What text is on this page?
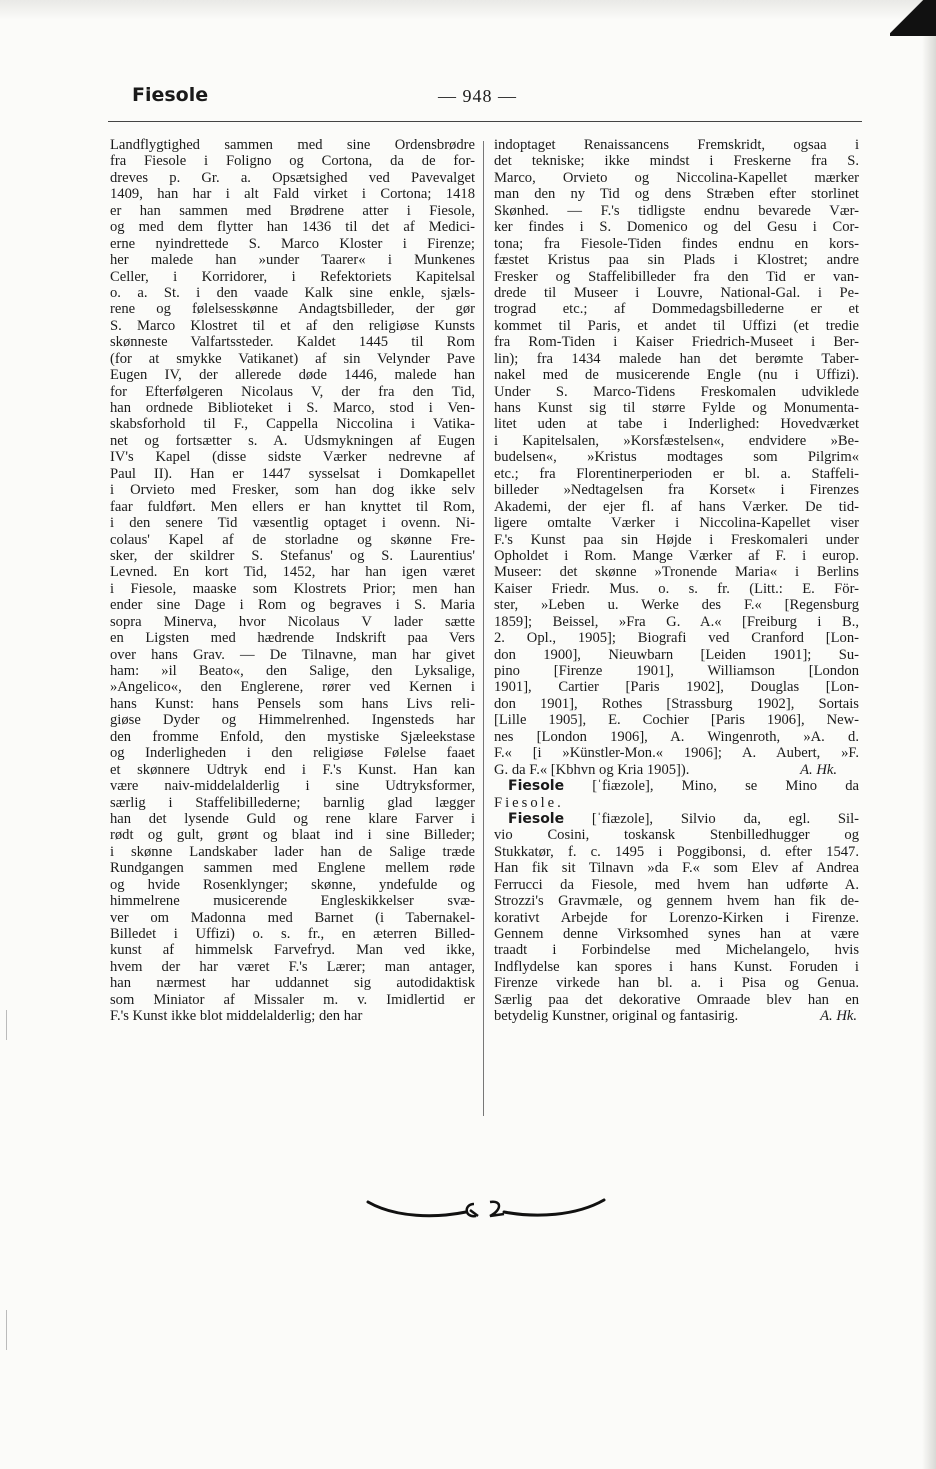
Fiesole	— 948 —
Landflygtighed sammen med sine Ordensbrødre
fra Fiesole i Foligno og Cortona, da de for-
dreves p. Gr. a. Opsætsighed ved Pavevalget
1409, han har i alt Fald virket i Cortona; 1418
er han sammen med Brødrene atter i Fiesole,
og med dem flytter han 1436 til det af Medici-
erne nyindrettede S. Marco Kloster i Firenze;
her malede han »under Taarer« i Munkenes
Celler, i Korridorer, i Refektoriets Kapitelsal
o. a. St. i den vaade Kalk sine enkle, sjæls-
rene og følelsesskønne Andagtsbilleder, der gør
S. Marco Klostret til et af den religiøse Kunsts
skønneste Valfartssteder. Kaldet 1445 til Rom
(for at smykke Vatikanet) af sin Velynder Pave
Eugen IV, der allerede døde 1446, malede han
for Efterfølgeren Nicolaus V, der fra den Tid,
han ordnede Biblioteket i S. Marco, stod i Ven-
skabsforhold til F., Cappella Niccolina i Vatika-
net og fortsætter s. A. Udsmykningen af Eugen
IV's Kapel (disse sidste Værker nedrevne af
Paul II). Han er 1447 sysselsat i Domkapellet
i Orvieto med Fresker, som han dog ikke selv
faar fuldført. Men ellers er han knyttet til Rom,
i den senere Tid væsentlig optaget i ovenn. Ni-
colaus' Kapel af de storladne og skønne Fre-
sker, der skildrer S. Stefanus' og S. Laurentius'
Levned. En kort Tid, 1452, har han igen været
i Fiesole, maaske som Klostrets Prior; men han
ender sine Dage i Rom og begraves i S. Maria
sopra Minerva, hvor Nicolaus V lader sætte
en Ligsten med hædrende Indskrift paa Vers
over hans Grav. — De Tilnavne, man har givet
ham: »il Beato«, den Salige, den Lyksalige,
»Angelico«, den Englerene, rører ved Kernen i
hans Kunst: hans Pensels som hans Livs reli-
giøse Dyder og Himmelrenhed. Ingensteds har
den fromme Enfold, den mystiske Sjæleekstase
og Inderligheden i den religiøse Følelse faaet
et skønnere Udtryk end i F.'s Kunst. Han kan
være naiv-middelalderlig i sine Udtryksformer,
særlig i Staffelibillederne; barnlig glad lægger
han det lysende Guld og rene klare Farver i
rødt og gult, grønt og blaat ind i sine Billeder;
i skønne Landskaber lader han de Salige træde
Rundgangen sammen med Englene mellem røde
og hvide Rosenklynger; skønne, yndefulde og
himmelrene musicerende Engleskikkelser svæ-
ver om Madonna med Barnet (i Tabernakel-
Billedet i Uffizi) o. s. fr., en æterren Billed-
kunst af himmelsk Farvefryd. Man ved ikke,
hvem der har været F.'s Lærer; man antager,
han nærmest har uddannet sig autodidaktisk
som Miniator af Missaler m. v. Imidlertid er
F.'s Kunst ikke blot middelalderlig; den har
indoptaget Renaissancens Fremskridt, ogsaa i
det tekniske; ikke mindst i Freskerne fra S.
Marco, Orvieto og Niccolina-Kapellet mærker
man den ny Tid og dens Stræben efter storlinet
Skønhed. — F.'s tidligste endnu bevarede Vær-
ker findes i S. Domenico og del Gesu i Cor-
tona; fra Fiesole-Tiden findes endnu en kors-
fæstet Kristus paa sin Plads i Klostret; andre
Fresker og Staffelibilleder fra den Tid er van-
drede til Museer i Louvre, National-Gal. i Pe-
trograd etc.; af Dommedagsbillederne er et
kommet til Paris, et andet til Uffizi (et tredie
fra Rom-Tiden i Kaiser Friedrich-Museet i Ber-
lin); fra 1434 malede han det berømte Taber-
nakel med de musicerende Engle (nu i Uffizi).
Under S. Marco-Tidens Freskomalen udviklede
hans Kunst sig til større Fylde og Monumenta-
litet uden at tabe i Inderlighed: Hovedværket
i Kapitelsalen, »Korsfæstelsen«, endvidere »Be-
budelsen«, »Kristus modtages som Pilgrim«
etc.; fra Florentinerperioden er bl. a. Staffeli-
billeder »Nedtagelsen fra Korset« i Firenzes
Akademi, der ejer fl. af hans Værker. De tid-
ligere omtalte Værker i Niccolina-Kapellet viser
F.'s Kunst paa sin Højde i Freskomaleri under
Opholdet i Rom. Mange Værker af F. i europ.
Museer: det skønne »Tronende Maria« i Berlins
Kaiser Friedr. Mus. o. s. fr. (Litt.: E. För-
ster, »Leben u. Werke des F.« [Regensburg
1859]; Beissel, »Fra G. A.« [Freiburg i B.,
2. Opl., 1905]; Biografi ved Cranford [Lon-
don 1900], Nieuwbarn [Leiden 1901]; Su-
pino [Firenze 1901], Williamson [London
1901], Cartier [Paris 1902], Douglas [Lon-
don 1901], Rothes [Strassburg 1902], Sortais
[Lille 1905], E. Cochier [Paris 1906], New-
nes [London 1906], A. Wingenroth, »A. d.
F.« [i »Künstler-Mon.« 1906]; A. Aubert, »F.
G. da F.« [Kbhvn og Kria 1905]).	A. Hk.
Fiesole [ˈfiæzole], Mino, se Mino da
Fiesole.
Fiesole [ˈfiæzole], Silvio da, egl. Sil-
vio Cosini, toskansk Stenbilledhugger og
Stukkatør, f. c. 1495 i Poggibonsi, d. efter 1547.
Han fik sit Tilnavn »da F.« som Elev af Andrea
Ferrucci da Fiesole, med hvem han udførte A.
Strozzi's Gravmæle, og gennem hvem han fik de-
korativt Arbejde for Lorenzo-Kirken i Firenze.
Gennem denne Virksomhed synes han at være
traadt i Forbindelse med Michelangelo, hvis
Indflydelse kan spores i hans Kunst. Foruden i
Firenze virkede han bl. a. i Pisa og Genua.
Særlig paa det dekorative Omraade blev han en
betydelig Kunstner, original og fantasirig.	A. Hk.
